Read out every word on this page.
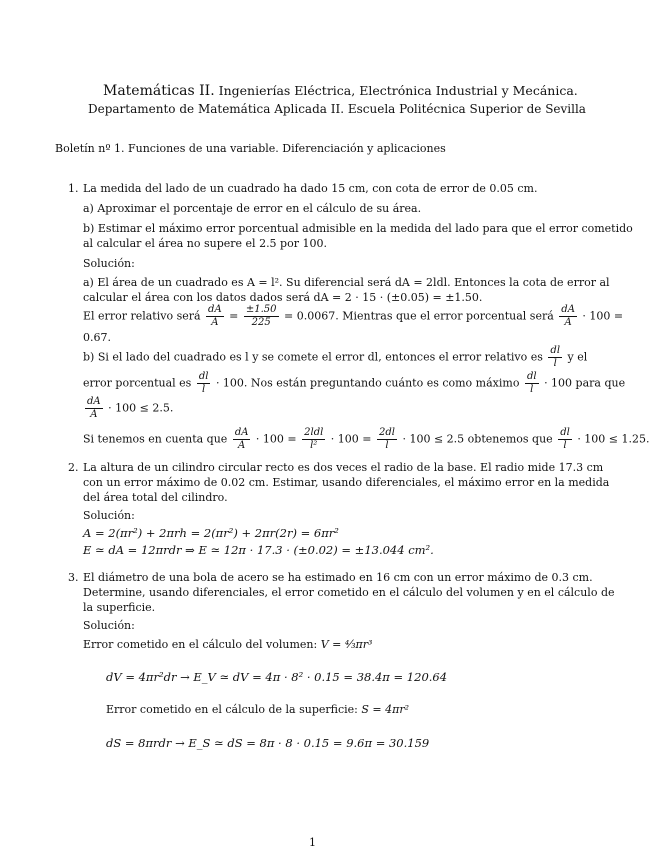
Matemáticas II. Ingenierías Eléctrica, Electrónica Industrial y Mecánica.
Departamento de Matemática Aplicada II. Escuela Politécnica Superior de Sevilla
Boletín nº 1. Funciones de una variable. Diferenciación y aplicaciones
1. La medida del lado de un cuadrado ha dado 15 cm, con cota de error de 0.05 cm.
a) Aproximar el porcentaje de error en el cálculo de su área.
b) Estimar el máximo error porcentual admisible en la medida del lado para que el error cometido
al calcular el área no supere el 2.5 por 100.
Solución:
a) El área de un cuadrado es A = l². Su diferencial será dA = 2ldl. Entonces la cota de error al
calcular el área con los datos dados será dA = 2 · 15 · (±0.05) = ±1.50.
El error relativo será $\frac{dA}{A} = \frac{\pm 1.50}{225} = 0.0067$. Mientras que el error porcentual será $\frac{dA}{A} \cdot 100$ =
0.67.
b) Si el lado del cuadrado es l y se comete el error dl, entonces el error relativo es $\frac{dl}{l}$ y el
error porcentual es $\frac{dl}{l} \cdot 100$. Nos están preguntando cuánto es como máximo $\frac{dl}{l} \cdot 100$ para que
$\frac{dA}{A} \cdot 100 \le 2.5$.
Si tenemos en cuenta que $\frac{dA}{A} \cdot 100 = \frac{\text{2ldl}}{\text{l²}} \cdot 100 = \frac{2dl}{l} \cdot 100 \le 2.5$ obtenemos que $\frac{dl}{l} \cdot 100 \le 1.25$.
2. La altura de un cilindro circular recto es dos veces el radio de la base. El radio mide 17.3 cm
con un error máximo de 0.02 cm. Estimar, usando diferenciales, el máximo error en la medida
del área total del cilindro.
Solución:
A = 2(πr²) + 2πrh = 2(πr²) + 2πr(2r) = 6πr²
E ≃ dA = 12πrdr ⇒ E ≃ 12π · 17.3 · (±0.02) = ±13.044 cm².
3. El diámetro de una bola de acero se ha estimado en 16 cm con un error máximo de 0.3 cm.
Determine, usando diferenciales, el error cometido en el cálculo del volumen y en el cálculo de
la superficie.
Solución:
Error cometido en el cálculo del volumen: V = ⁴⁄₃πr³
dV = 4πr²dr → E_V ≃ dV = 4π · 8² · 0.15 = 38.4π = 120.64
Error cometido en el cálculo de la superficie: S = 4πr²
dS = 8πrdr → E_S ≃ dS = 8π · 8 · 0.15 = 9.6π = 30.159
1
